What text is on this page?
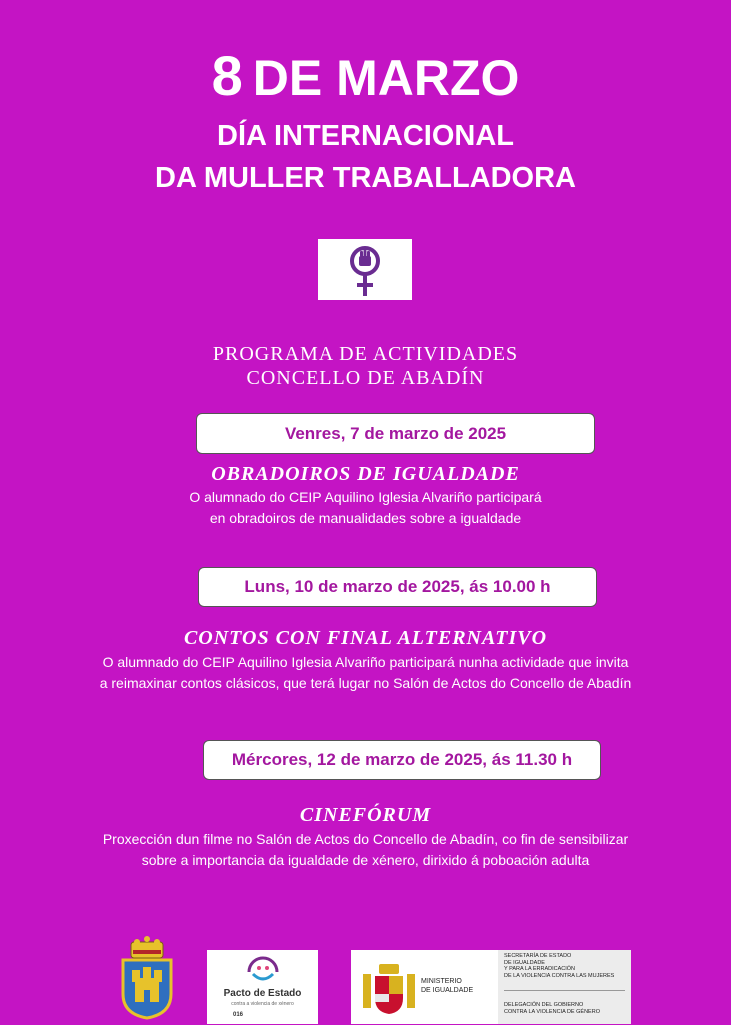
8 DE MARZO
DÍA INTERNACIONAL
DA MULLER TRABALLADORA
PROGRAMA DE ACTIVIDADES
CONCELLO DE ABADÍN
Venres, 7 de marzo de 2025
OBRADOIROS DE IGUALDADE
O alumnado do CEIP Aquilino Iglesia Alvariño participará
en obradoiros de manualidades sobre a igualdade
Luns, 10 de marzo de 2025, ás 10.00 h
CONTOS CON FINAL ALTERNATIVO
O alumnado do CEIP Aquilino Iglesia Alvariño participará nunha actividade que invita
a reimaxinar contos clásicos, que terá lugar no Salón de Actos do Concello de Abadín
Mércores, 12 de marzo de 2025, ás 11.30 h
CINEFÓRUM
Proxección dun filme no Salón de Actos do Concello de Abadín, co fin de sensibilizar
sobre a importancia da igualdade de xénero, dirixido á poboación adulta
Pacto de Estado
contra a violencia de xénero
016
MINISTERIO
DE IGUALDADE
SECRETARÍA DE ESTADO
DE IGUALDADE
Y PARA LA ERRADICACIÓN
DE LA VIOLENCIA CONTRA LAS MUJERES
DELEGACIÓN DEL GOBIERNO
CONTRA LA VIOLENCIA DE GÉNERO
